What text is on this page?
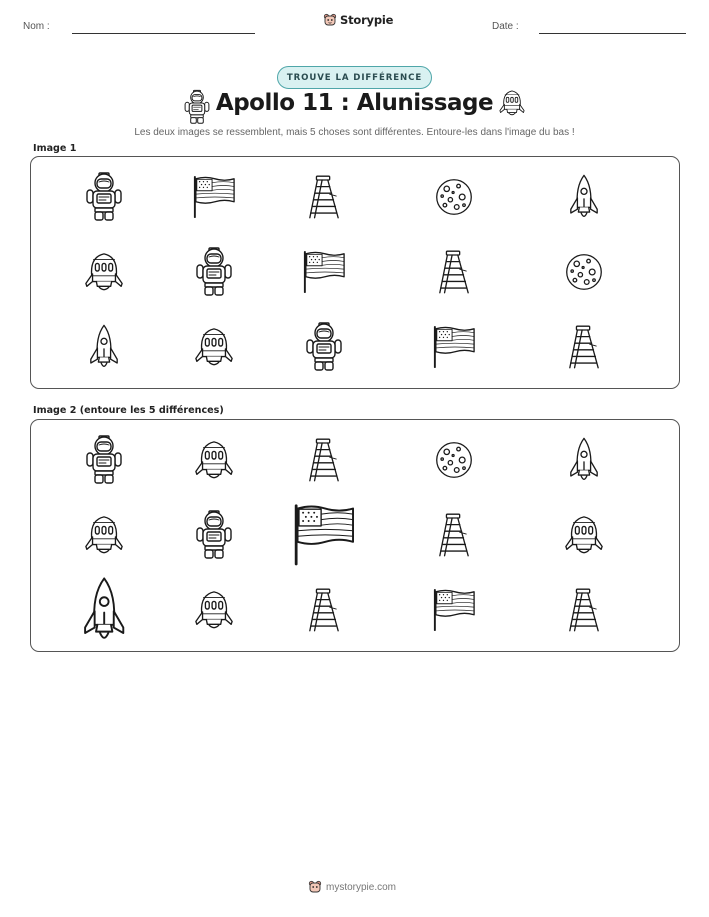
Nom :	Storypie	Date :
TROUVE LA DIFFÉRENCE
Apollo 11 : Alunissage
Les deux images se ressemblent, mais 5 choses sont différentes. Entoure-les dans l'image du bas !
Image 1
Image 2 (entoure les 5 différences)
mystorypie.com
